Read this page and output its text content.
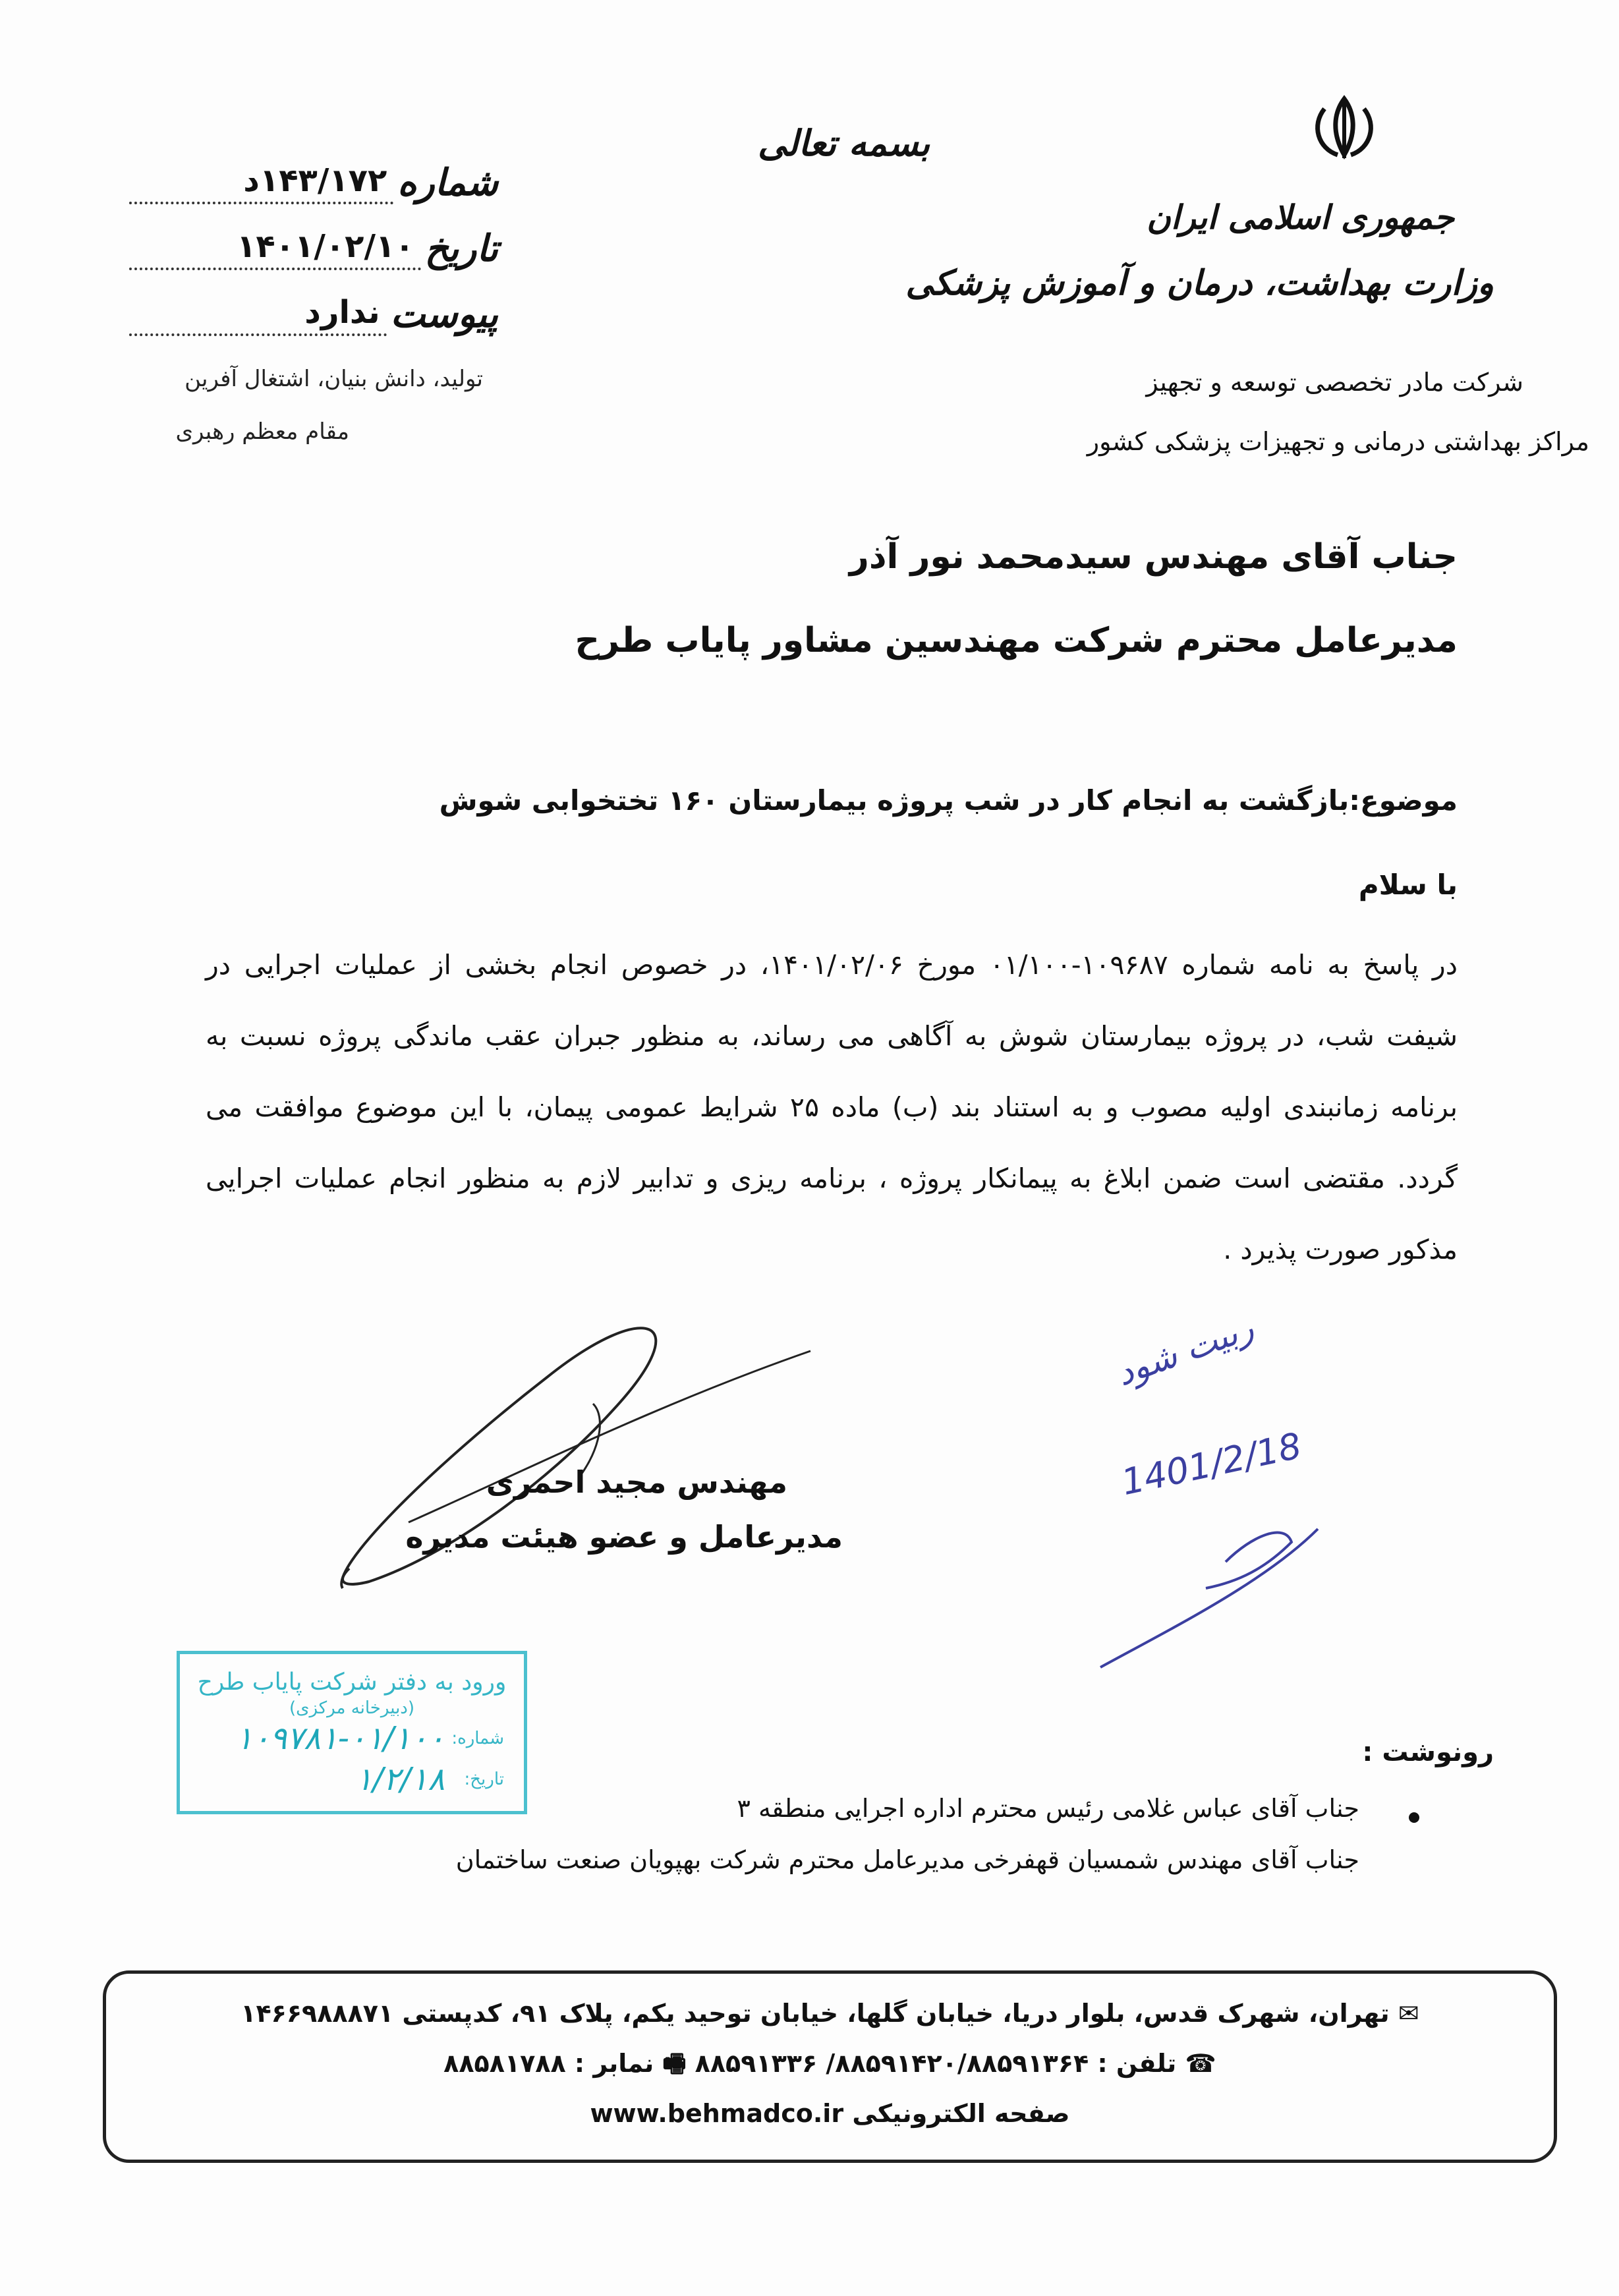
بسمه تعالی
جمهوری اسلامی ایران
وزارت بهداشت، درمان و آموزش پزشکی
شرکت مادر تخصصی توسعه و تجهیز
مراکز بهداشتی درمانی و تجهیزات پزشکی کشور
شماره
۱۴۳/۱۷۲د
تاریخ
۱۴۰۱/۰۲/۱۰
پیوست
ندارد
تولید، دانش بنیان، اشتغال آفرین
مقام معظم رهبری
جناب آقای مهندس سیدمحمد نور آذر
مدیرعامل محترم شرکت مهندسین مشاور پایاب طرح
موضوع:بازگشت به انجام کار در شب پروژه بیمارستان ۱۶۰ تختخوابی شوش
با سلام
در پاسخ به نامه شماره ۱۰۹۶۸۷-۰۱/۱۰۰ مورخ ۱۴۰۱/۰۲/۰۶، در خصوص انجام بخشی از عملیات اجرایی در شیفت شب، در پروژه بیمارستان شوش به آگاهی می رساند، به منظور جبران عقب ماندگی پروژه نسبت به برنامه زمانبندی اولیه مصوب و به استناد بند (ب) ماده ۲۵ شرایط عمومی پیمان، با این موضوع موافقت می گردد. مقتضی است ضمن ابلاغ به پیمانکار پروژه ، برنامه ریزی و تدابیر لازم به منظور انجام عملیات اجرایی مذکور صورت پذیرد .
مهندس مجید احمری
مدیرعامل و عضو هیئت مدیره
ربیت شود
1401/2/18
ورود به دفتر شرکت پایاب طرح
(دبیرخانه مرکزی)
شماره:
۱۰۹۷۸۱-۰۱/۱۰۰
تاریخ:
۱/۲/۱۸
رونوشت :
جناب آقای عباس غلامی رئیس محترم اداره اجرایی منطقه ۳
جناب آقای مهندس شمسیان قهفرخی مدیرعامل محترم شرکت بهپویان صنعت ساختمان
✉ تهران، شهرک قدس، بلوار دریا، خیابان گلها، خیابان توحید یکم، پلاک ۹۱، کدپستی ۱۴۶۶۹۸۸۸۷۱
☎ تلفن : ۸۸۵۹۱۴۲۰/۸۸۵۹۱۳۶۴/ ۸۸۵۹۱۳۳۶ 🖷 نمابر : ۸۸۵۸۱۷۸۸
صفحه الکترونیکی www.behmadco.ir
